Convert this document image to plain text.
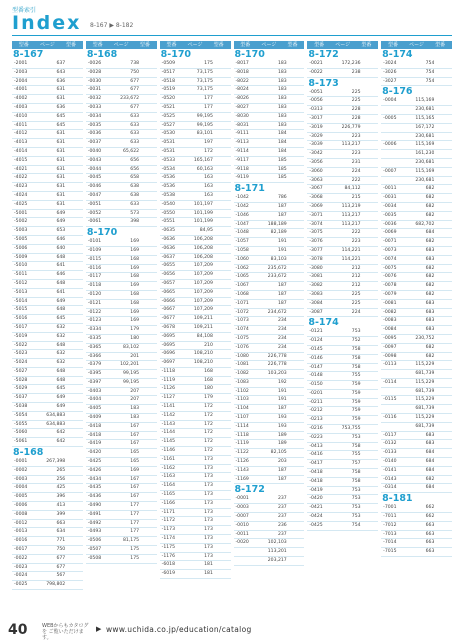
型番索引
Index 8-167 ▶ 8-182
型番	ページ	型番
8-167
-2001	637
-2003	643
-2004	636
-4001	631
-4002	631
-4003	636
-4010	645
-4011	645
-4012	631
-4013	631
-4014	631
-4015	631
-4021	631
-4022	631
-4023	631
-4024	631
-4025	631
-5001	649
-5002	649
-5003	653
-5005	646
-5006	640
-5009	648
-5010	641
-5011	646
-5012	648
-5013	641
-5014	649
-5015	648
-5016	645
-5017	632
-5019	632
-5022	648
-5023	632
-5024	632
-5027	648
-5028	648
-5029	645
-5037	649
-5038	649
-5054	634,883
-5055	634,883
-5060	642
-5061	642
8-168
-0001	267,398
-0002	265
-0003	256
-0004	425
-0005	396
-0006	413
-0008	399
-0012	663
-0013	634
-0016	771
-0017	750
-0022	677
-0023	677
-0024	567
-0025	798,802
型番	ページ	型番
8-168
-0026	738
-0028	750
-0030	677
-0031	677
-0032	233,672
-0033	677
-0034	633
-0035	633
-0036	633
-0037	633
-0040	65,622
-0043	656
-0044	656
-0045	658
-0046	638
-0047	638
-0051	633
-0052	573
-0061	398
8-170
-0101	169
-0109	169
-0115	168
-0116	169
-0117	168
-0118	169
-0120	168
-0121	168
-0122	169
-0123	169
-0334	179
-0335	180
-0365	83,102
-0366	201
-0379	102,201
-0395	99,195
-0397	99,195
-0403	207
-0404	207
-0405	183
-0409	183
-0418	167
-0418	167
-0419	167
-0420	165
-0425	165
-0426	169
-0434	167
-0435	167
-0436	167
-0490	177
-0491	177
-0492	177
-0493	177
-0506	81,175
-0507	175
-0508	175
型番	ページ	型番
8-170
-0509	175
-0517	73,175
-0518	73,175
-0519	73,175
-0520	177
-0521	177
-0525	99,195
-0527	99,195
-0530	83,101
-0531	197
-0531	172
-0533	165,167
-0534	60,163
-0536	163
-0536	163
-0538	163
-0540	101,197
-0550	101,199
-0551	101,199
-0635	84,95
-0636	106,208
-0636	106,208
-0637	106,208
-0655	107,209
-0656	107,209
-0657	107,209
-0665	107,209
-0666	107,209
-0667	107,209
-0677	109,211
-0678	109,211
-0695	84,108
-0695	210
-0696	108,210
-0697	108,210
-1118	168
-1119	168
-1126	180
-1127	179
-1141	172
-1142	172
-1143	172
-1144	172
-1145	172
-1146	172
-1161	173
-1162	173
-1163	173
-1164	173
-1165	173
-1166	173
-1171	173
-1172	173
-1173	173
-1174	173
-1175	173
-1176	173
-6018	181
-6019	181
型番	ページ	型番
8-170
-8017	183
-8018	183
-8022	183
-8024	183
-8026	183
-8027	183
-8030	183
-8031	183
-9111	184
-9113	184
-9114	184
-9117	185
-9118	185
-9119	185
8-171
-1042	786
-1042	187
-1046	187
-1047	188,189
-1048	82,189
-1057	191
-1058	191
-1060	83,103
-1062	235,672
-1065	233,672
-1067	187
-1068	187
-1071	187
-1072	234,672
-1073	234
-1074	234
-1075	234
-1076	234
-1080	226,778
-1081	226,778
-1082	103,203
-1083	192
-1102	191
-1103	191
-1104	187
-1107	193
-1114	193
-1118	189
-1119	189
-1122	82,105
-1126	203
-1143	187
-1169	187
8-172
-0001	237
-0003	237
-0007	237
-0010	236
-0011	237
-0020	102,103
113,201
203,217
型番	ページ	型番
8-172
-0021	172,236
-0022	238
8-173
-0051	225
-0056	225
-0313	228
-3017	228
-3019	226,779
-3029	223
-3039	113,217
-3042	223
-3056	231
-3060	224
-3063	222
-3067	84,112
-3068	215
-3069	113,219
-3071	113,217
-3074	113,217
-3075	222
-3076	223
-3077	114,221
-3078	114,221
-3080	212
-3081	212
-3082	212
-3083	225
-3084	225
-3087	224
8-174
-0121	753
-0124	752
-0145	758
-0146	758
-0147	758
-0148	755
-0150	759
-0201	759
-0211	759
-0212	759
-0213	759
-0216	753,755
-0223	753
-0413	758
-0416	755
-0417	757
-0418	758
-0418	758
-0419	753
-0420	753
-0421	753
-0424	753
-0425	754
型番	ページ	型番
8-174
-3024	754
-3026	754
-3027	754
8-176
-0004	115,169
230,681
-0005	115,165
167,172
230,681
-0006	115,169
161,230
230,681
-0007	115,169
230,681
-0011	682
-0031	682
-0034	682
-0035	682
-0036	682,702
-0069	684
-0071	682
-0073	683
-0074	683
-0075	682
-0076	682
-0078	682
-0079	682
-0081	683
-0082	683
-0083	683
-0084	683
-0095	230,752
-0097	682
-0098	682
-0113	115,229
681,739
-0114	115,229
681,739
-0115	115,229
681,739
-0116	115,229
681,739
-0117	683
-0132	683
-0133	684
-0140	684
-0141	684
-0143	682
-0314	684
8-181
-7001	662
-7011	662
-7012	663
-7013	663
-7014	663
-7015	663
40	WEBからもカタログを ご覧いただけます。
▶ www.uchida.co.jp/education/catalog
